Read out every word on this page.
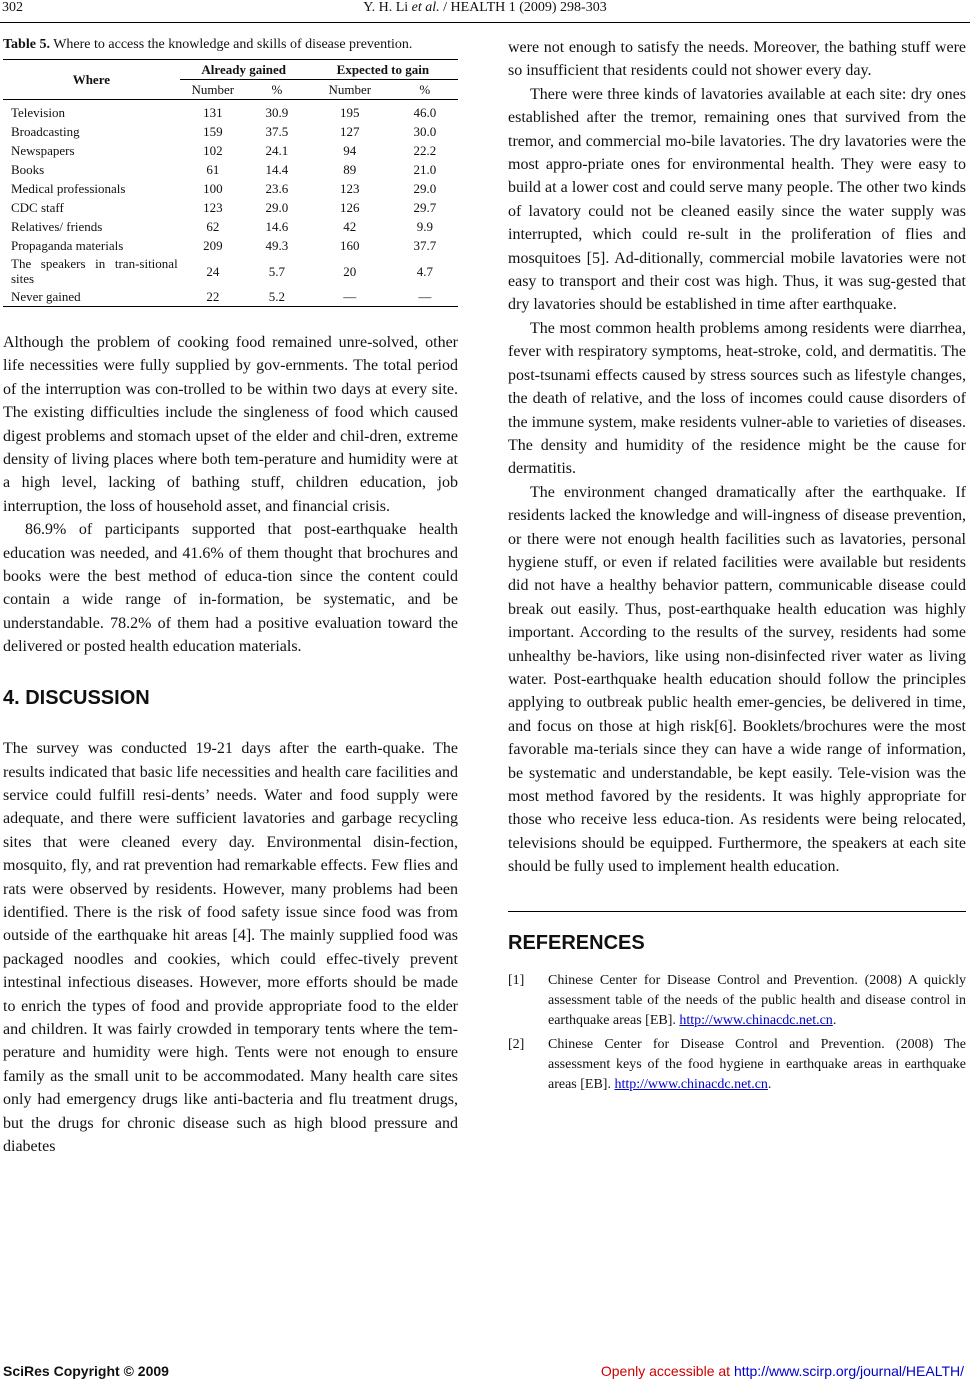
302	Y. H. Li et al. / HEALTH 1 (2009) 298-303
Table 5. Where to access the knowledge and skills of disease prevention.
Where	Already gained		Expected to gain	
	Number	%	Number	%
Television	131	30.9	195	46.0
Broadcasting	159	37.5	127	30.0
Newspapers	102	24.1	94	22.2
Books	61	14.4	89	21.0
Medical professionals	100	23.6	123	29.0
CDC staff	123	29.0	126	29.7
Relatives/ friends	62	14.6	42	9.9
Propaganda materials	209	49.3	160	37.7
The speakers in tran-sitional sites	24	5.7	20	4.7
Never gained	22	5.2	—	—

Although the problem of cooking food remained unre-solved, other life necessities were fully supplied by gov-ernments. The total period of the interruption was con-trolled to be within two days at every site. The existing difficulties include the singleness of food which caused digest problems and stomach upset of the elder and chil-dren, extreme density of living places where both tem-perature and humidity were at a high level, lacking of bathing stuff, children education, job interruption, the loss of household asset, and financial crisis.

86.9% of participants supported that post-earthquake health education was needed, and 41.6% of them thought that brochures and books were the best method of educa-tion since the content could contain a wide range of in-formation, be systematic, and be understandable. 78.2% of them had a positive evaluation toward the delivered or posted health education materials.

4. DISCUSSION

The survey was conducted 19-21 days after the earth-quake. The results indicated that basic life necessities and health care facilities and service could fulfill resi-dents’ needs. Water and food supply were adequate, and there were sufficient lavatories and garbage recycling sites that were cleaned every day. Environmental disin-fection, mosquito, fly, and rat prevention had remarkable effects. Few flies and rats were observed by residents. However, many problems had been identified. There is the risk of food safety issue since food was from outside of the earthquake hit areas [4]. The mainly supplied food was packaged noodles and cookies, which could effec-tively prevent intestinal infectious diseases. However, more efforts should be made to enrich the types of food and provide appropriate food to the elder and children. It was fairly crowded in temporary tents where the tem-perature and humidity were high. Tents were not enough to ensure family as the small unit to be accommodated. Many health care sites only had emergency drugs like anti-bacteria and flu treatment drugs, but the drugs for chronic disease such as high blood pressure and diabetes

were not enough to satisfy the needs. Moreover, the bathing stuff were so insufficient that residents could not shower every day.

There were three kinds of lavatories available at each site: dry ones established after the tremor, remaining ones that survived from the tremor, and commercial mo-bile lavatories. The dry lavatories were the most appro-priate ones for environmental health. They were easy to build at a lower cost and could serve many people. The other two kinds of lavatory could not be cleaned easily since the water supply was interrupted, which could re-sult in the proliferation of flies and mosquitoes [5]. Ad-ditionally, commercial mobile lavatories were not easy to transport and their cost was high. Thus, it was sug-gested that dry lavatories should be established in time after earthquake.

The most common health problems among residents were diarrhea, fever with respiratory symptoms, heat-stroke, cold, and dermatitis. The post-tsunami effects caused by stress sources such as lifestyle changes, the death of relative, and the loss of incomes could cause disorders of the immune system, make residents vulner-able to varieties of diseases. The density and humidity of the residence might be the cause for dermatitis.

The environment changed dramatically after the earthquake. If residents lacked the knowledge and will-ingness of disease prevention, or there were not enough health facilities such as lavatories, personal hygiene stuff, or even if related facilities were available but residents did not have a healthy behavior pattern, communicable disease could break out easily. Thus, post-earthquake health education was highly important. According to the results of the survey, residents had some unhealthy be-haviors, like using non-disinfected river water as living water. Post-earthquake health education should follow the principles applying to outbreak public health emer-gencies, be delivered in time, and focus on those at high risk[6]. Booklets/brochures were the most favorable ma-terials since they can have a wide range of information, be systematic and understandable, be kept easily. Tele-vision was the most method favored by the residents. It was highly appropriate for those who receive less educa-tion. As residents were being relocated, televisions should be equipped. Furthermore, the speakers at each site should be fully used to implement health education.

REFERENCES
[1]	Chinese Center for Disease Control and Prevention. (2008) A quickly assessment table of the needs of the public health and disease control in earthquake areas [EB]. http://www.chinacdc.net.cn.
[2]	Chinese Center for Disease Control and Prevention. (2008) The assessment keys of the food hygiene in earthquake areas in earthquake areas [EB]. http://www.chinacdc.net.cn.
SciRes Copyright © 2009	Openly accessible at http://www.scirp.org/journal/HEALTH/
